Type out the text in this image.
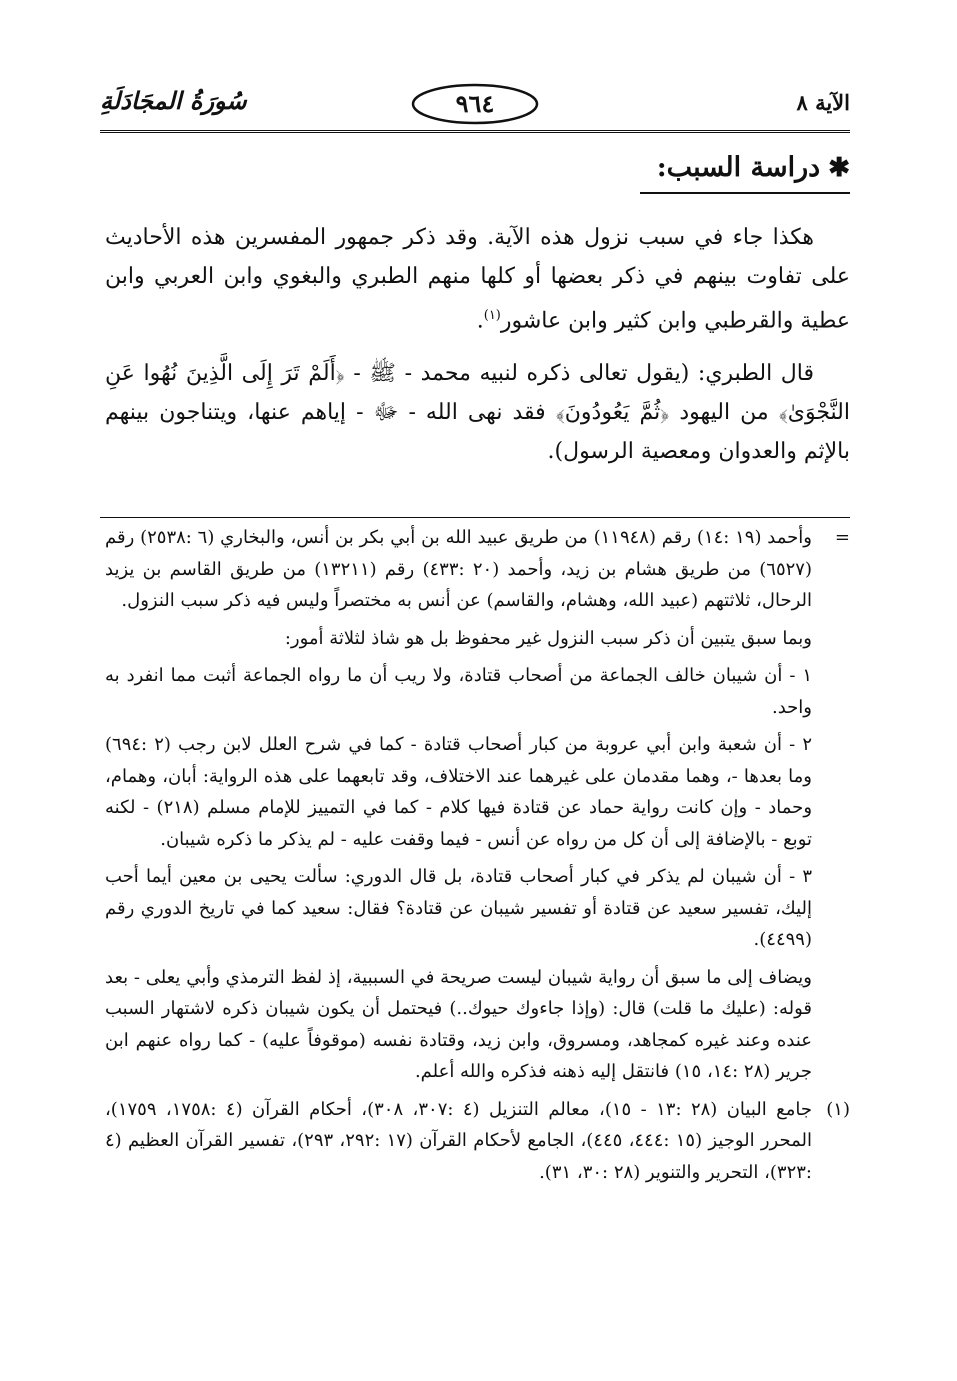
الآية ٨
٩٦٤
سُورَةُ المجَادَلَةِ
✱
دراسة السبب:

هكذا جاء في سبب نزول هذه الآية. وقد ذكر جمهور المفسرين هذه الأحاديث على تفاوت بينهم في ذكر بعضها أو كلها منهم الطبري والبغوي وابن العربي وابن عطية والقرطبي وابن كثير وابن عاشور$^{(١)}$.

قال الطبري: (يقول تعالى ذكره لنبيه محمد - ﷺ - ﴿أَلَمْ تَرَ إِلَى الَّذِينَ نُهُوا عَنِ النَّجْوَىٰ﴾ من اليهود ﴿ثُمَّ يَعُودُونَ﴾ فقد نهى الله - ﷻ - إياهم عنها، ويتناجون بينهم بالإثم والعدوان ومعصية الرسول).

=

وأحمد (١٩ :١٤) رقم (١١٩٤٨) من طريق عبيد الله بن أبي بكر بن أنس، والبخاري (٦ :٢٥٣٨) رقم (٦٥٢٧) من طريق هشام بن زيد، وأحمد (٢٠ :٤٣٣) رقم (١٣٢١١) من طريق القاسم بن يزيد الرحال، ثلاثتهم (عبيد الله، وهشام، والقاسم) عن أنس به مختصراً وليس فيه ذكر سبب النزول.

وبما سبق يتبين أن ذكر سبب النزول غير محفوظ بل هو شاذ لثلاثة أمور:

١ - أن شيبان خالف الجماعة من أصحاب قتادة، ولا ريب أن ما رواه الجماعة أثبت مما انفرد به واحد.

٢ - أن شعبة وابن أبي عروبة من كبار أصحاب قتادة - كما في شرح العلل لابن رجب (٢ :٦٩٤) وما بعدها -، وهما مقدمان على غيرهما عند الاختلاف، وقد تابعهما على هذه الرواية: أبان، وهمام، وحماد - وإن كانت رواية حماد عن قتادة فيها كلام - كما في التمييز للإمام مسلم (٢١٨) - لكنه توبع - بالإضافة إلى أن كل من رواه عن أنس - فيما وقفت عليه - لم يذكر ما ذكره شيبان.

٣ - أن شيبان لم يذكر في كبار أصحاب قتادة، بل قال الدوري: سألت يحيى بن معين أيما أحب إليك، تفسير سعيد عن قتادة أو تفسير شيبان عن قتادة؟ فقال: سعيد كما في تاريخ الدوري رقم (٤٤٩٩).

ويضاف إلى ما سبق أن رواية شيبان ليست صريحة في السببية، إذ لفظ الترمذي وأبي يعلى - بعد قوله: (عليك ما قلت) قال: (وإذا جاءوك حيوك..) فيحتمل أن يكون شيبان ذكره لاشتهار السبب عنده وعند غيره كمجاهد، ومسروق، وابن زيد، وقتادة نفسه (موقوفاً عليه) - كما رواه عنهم ابن جرير (٢٨ :١٤، ١٥) فانتقل إليه ذهنه فذكره والله أعلم.

(١)

جامع البيان (٢٨ :١٣ - ١٥)، معالم التنزيل (٤ :٣٠٧، ٣٠٨)، أحكام القرآن (٤ :١٧٥٨، ١٧٥٩)، المحرر الوجيز (١٥ :٤٤٤، ٤٤٥)، الجامع لأحكام القرآن (١٧ :٢٩٢، ٢٩٣)، تفسير القرآن العظيم (٤ :٣٢٣)، التحرير والتنوير (٢٨ :٣٠، ٣١).
